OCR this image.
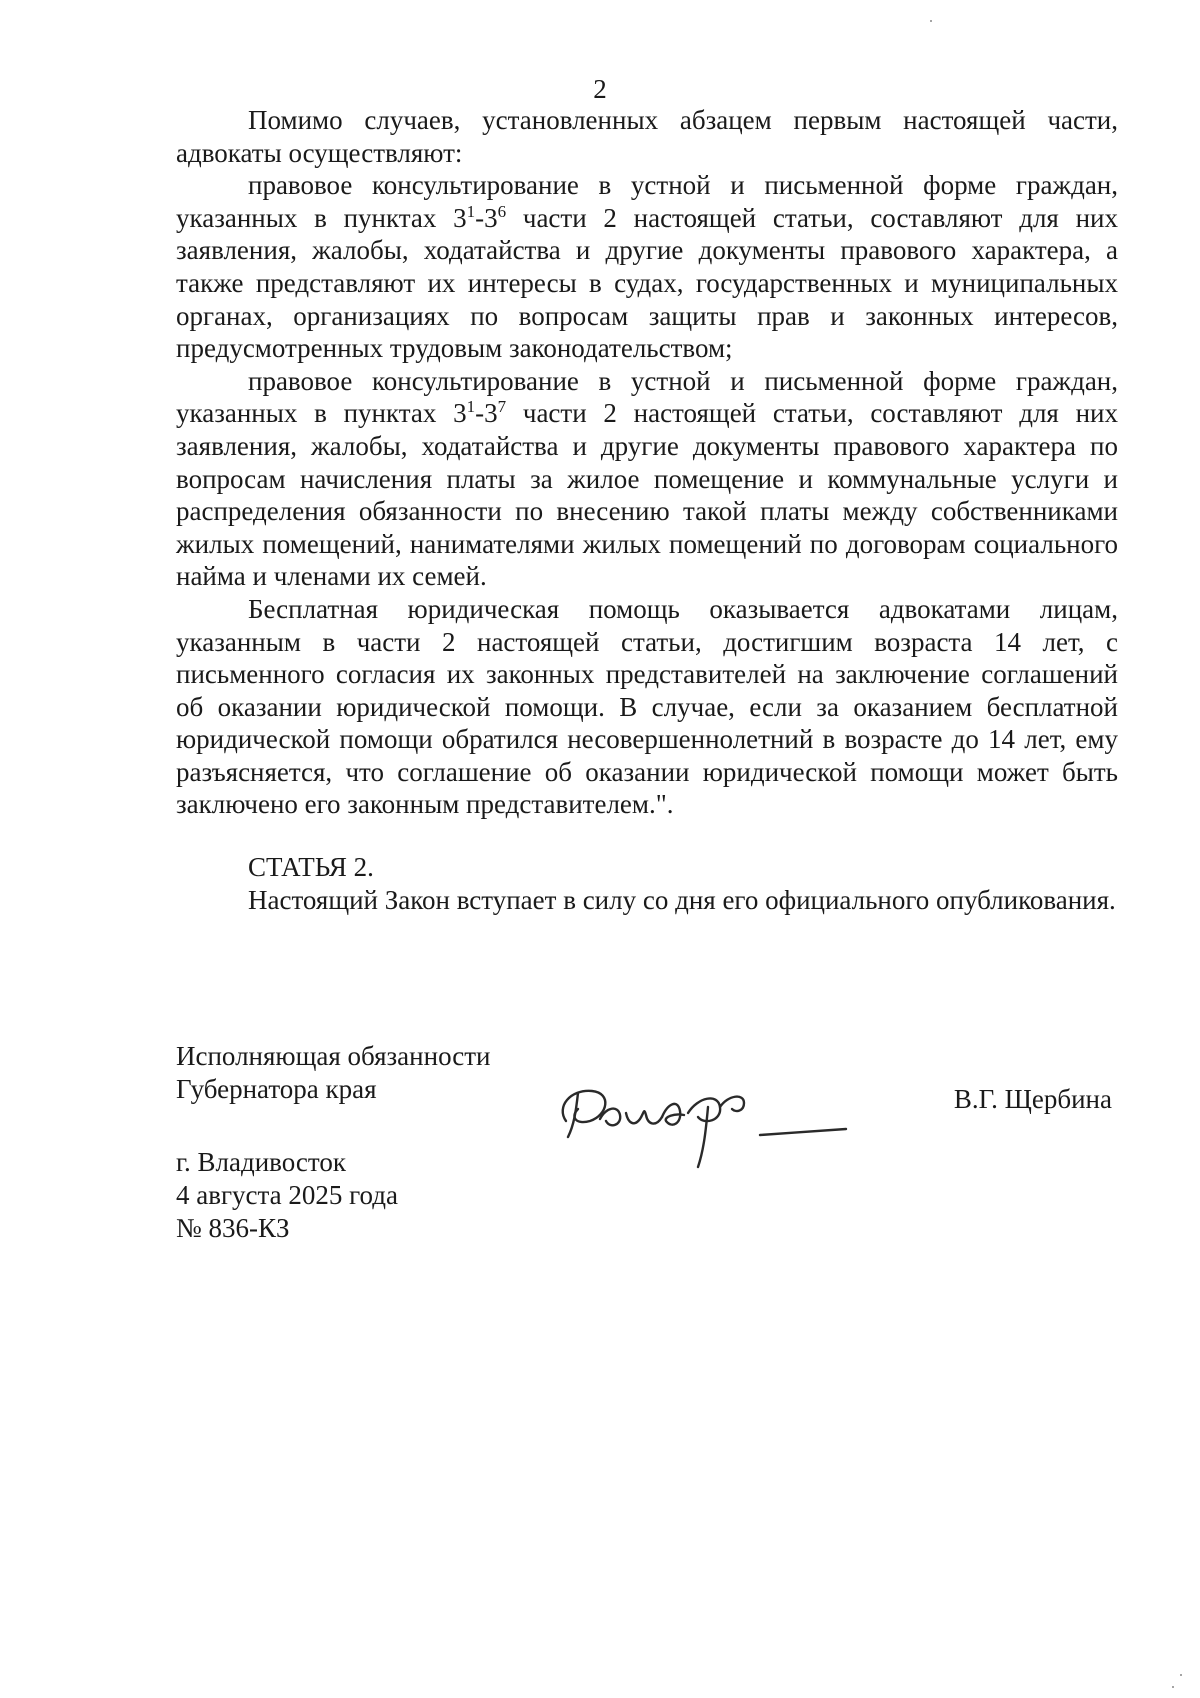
2

Помимо случаев, установленных абзацем первым настоящей части, адвокаты осуществляют:

правовое консультирование в устной и письменной форме граждан, указанных в пунктах $3^1-3^6$ части 2 настоящей статьи, составляют для них заявления, жалобы, ходатайства и другие документы правового характера, а также представляют их интересы в судах, государственных и муниципальных органах, организациях по вопросам защиты прав и законных интересов, предусмотренных трудовым законодательством;

правовое консультирование в устной и письменной форме граждан, указанных в пунктах $3^1-3^7$ части 2 настоящей статьи, составляют для них заявления, жалобы, ходатайства и другие документы правового характера по вопросам начисления платы за жилое помещение и коммунальные услуги и распределения обязанности по внесению такой платы между собственниками жилых помещений, нанимателями жилых помещений по договорам социального найма и членами их семей.

Бесплатная юридическая помощь оказывается адвокатами лицам, указанным в части 2 настоящей статьи, достигшим возраста 14 лет, с письменного согласия их законных представителей на заключение соглашений об оказании юридической помощи. В случае, если за оказанием бесплатной юридической помощи обратился несовершеннолетний в возрасте до 14 лет, ему разъясняется, что соглашение об оказании юридической помощи может быть заключено его законным представителем.".

СТАТЬЯ 2.

Настоящий Закон вступает в силу со дня его официального опубликования.

Исполняющая обязанности
Губернатора края	В.Г. Щербина
г. Владивосток
4 августа 2025 года
№ 836-КЗ
